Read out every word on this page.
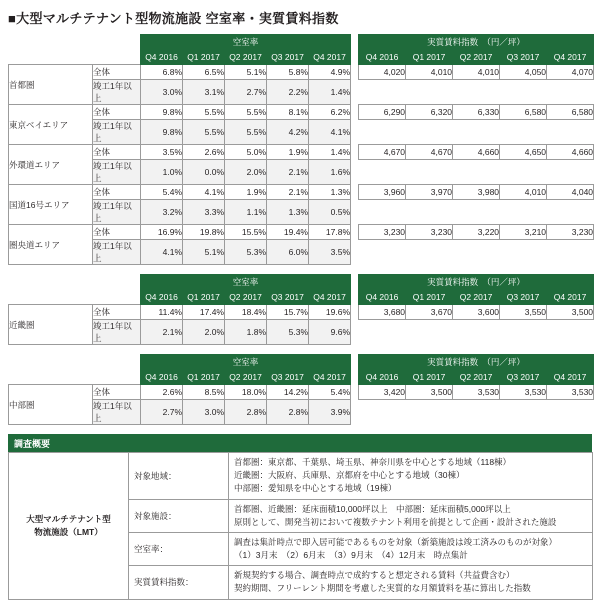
■大型マルチテナント型物流施設 空室率・実質賃料指数
		空室率						実質賃料指数　（円／坪）				
		Q4 2016	Q1 2017	Q2 2017	Q3 2017	Q4 2017		Q4 2016	Q1 2017	Q2 2017	Q3 2017	Q4 2017
首都圏	全体	6.8%	6.5%	5.1%	5.8%	4.9%		4,020	4,010	4,010	4,050	4,070
	竣工1年以上	3.0%	3.1%	2.7%	2.2%	1.4%						
東京ベイエリア	全体	9.8%	5.5%	5.5%	8.1%	6.2%		6,290	6,320	6,330	6,580	6,580
	竣工1年以上	9.8%	5.5%	5.5%	4.2%	4.1%						
外環道エリア	全体	3.5%	2.6%	5.0%	1.9%	1.4%		4,670	4,670	4,660	4,650	4,660
	竣工1年以上	1.0%	0.0%	2.0%	2.1%	1.6%						
国道16号エリア	全体	5.4%	4.1%	1.9%	2.1%	1.3%		3,960	3,970	3,980	4,010	4,040
	竣工1年以上	3.2%	3.3%	1.1%	1.3%	0.5%						
圏央道エリア	全体	16.9%	19.8%	15.5%	19.4%	17.8%		3,230	3,230	3,220	3,210	3,230
	竣工1年以上	4.1%	5.1%	5.3%	6.0%	3.5%						
		空室率						実質賃料指数　（円／坪）				
		Q4 2016	Q1 2017	Q2 2017	Q3 2017	Q4 2017		Q4 2016	Q1 2017	Q2 2017	Q3 2017	Q4 2017
近畿圏	全体	11.4%	17.4%	18.4%	15.7%	19.6%		3,680	3,670	3,600	3,550	3,500
	竣工1年以上	2.1%	2.0%	1.8%	5.3%	9.6%						
		空室率						実質賃料指数　（円／坪）				
		Q4 2016	Q1 2017	Q2 2017	Q3 2017	Q4 2017		Q4 2016	Q1 2017	Q2 2017	Q3 2017	Q4 2017
中部圏	全体	2.6%	8.5%	18.0%	14.2%	5.4%		3,420	3,500	3,530	3,530	3,530
	竣工1年以上	2.7%	3.0%	2.8%	2.8%	3.9%						
調査概要
大型マルチテナント型
物流施設（LMT）
	対象地域：	
首都圏：東京都、千葉県、埼玉県、神奈川県を中心とする地域（118棟）
近畿圏：大阪府、兵庫県、京都府を中心とする地域（30棟）
中部圏：愛知県を中心とする地域（19棟）

	対象施設：	首都圏、近畿圏：延床面積10,000坪以上　中部圏：延床面積5,000坪以上
原則として、開発当初において複数テナント利用を前提として企画・設計された施設

	空室率：	調査は集計時点で即入居可能であるものを対象（新築施設は竣工済みのものが対象）
（1）3月末　（2）6月末　（3）9月末　（4）12月末　時点集計

	実質賃料指数：	新規契約する場合、調査時点で成約すると想定される賃料（共益費含む）
契約期間、フリーレント期間を考慮した実質的な月額賃料を基に算出した指数
